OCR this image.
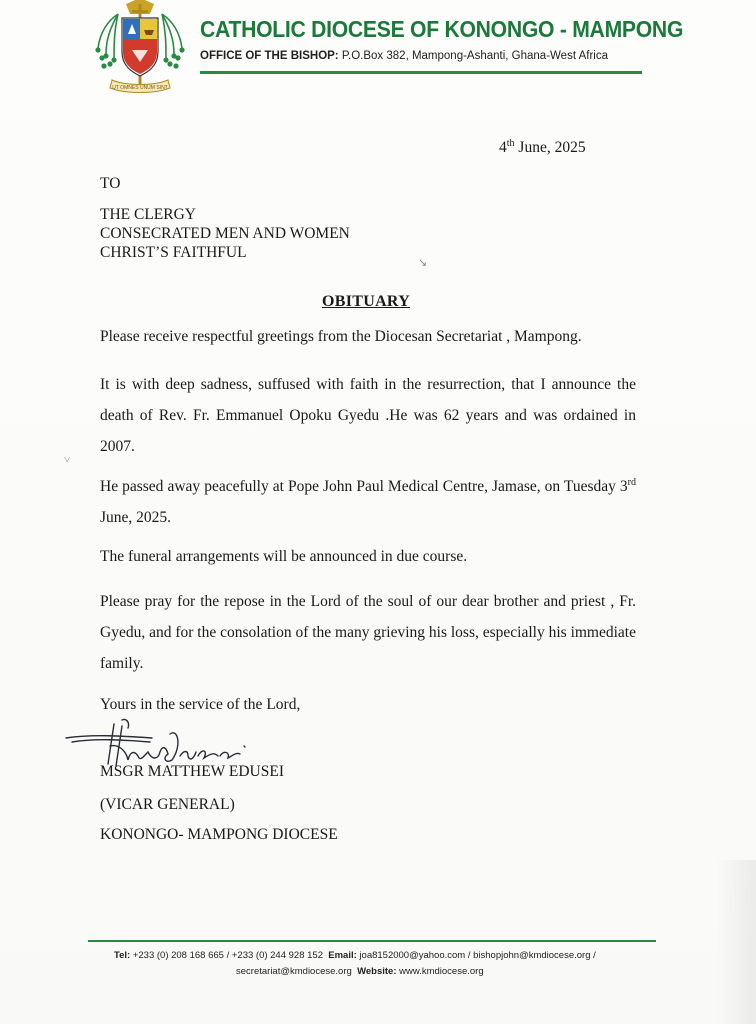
UT OMNES UNUM SINT
CATHOLIC DIOCESE OF KONONGO - MAMPONG
OFFICE OF THE BISHOP: P.O.Box 382, Mampong-Ashanti, Ghana-West Africa
4th June, 2025
TO
THE CLERGY
CONSECRATED MEN AND WOMEN
CHRIST’S FAITHFUL
↘
OBITUARY
Please receive respectful greetings from the Diocesan Secretariat , Mampong.
It is with deep sadness, suffused with faith in the resurrection, that I announce the death of Rev. Fr. Emmanuel Opoku Gyedu .He was 62 years and was ordained in 2007.
˅
He passed away peacefully at Pope John Paul Medical Centre, Jamase, on Tuesday 3rd June, 2025.
The funeral arrangements will be announced in due course.
Please pray for the repose in the Lord of the soul of our dear brother and priest , Fr. Gyedu, and for the consolation of the many grieving his loss, especially his immediate family.
Yours in the service of the Lord,
MSGR MATTHEW EDUSEI
(VICAR GENERAL)
KONONGO- MAMPONG DIOCESE
Tel: +233 (0) 208 168 665 / +233 (0) 244 928 152 Email: joa8152000@yahoo.com / bishopjohn@kmdiocese.org /
secretariat@kmdiocese.org Website: www.kmdiocese.org
